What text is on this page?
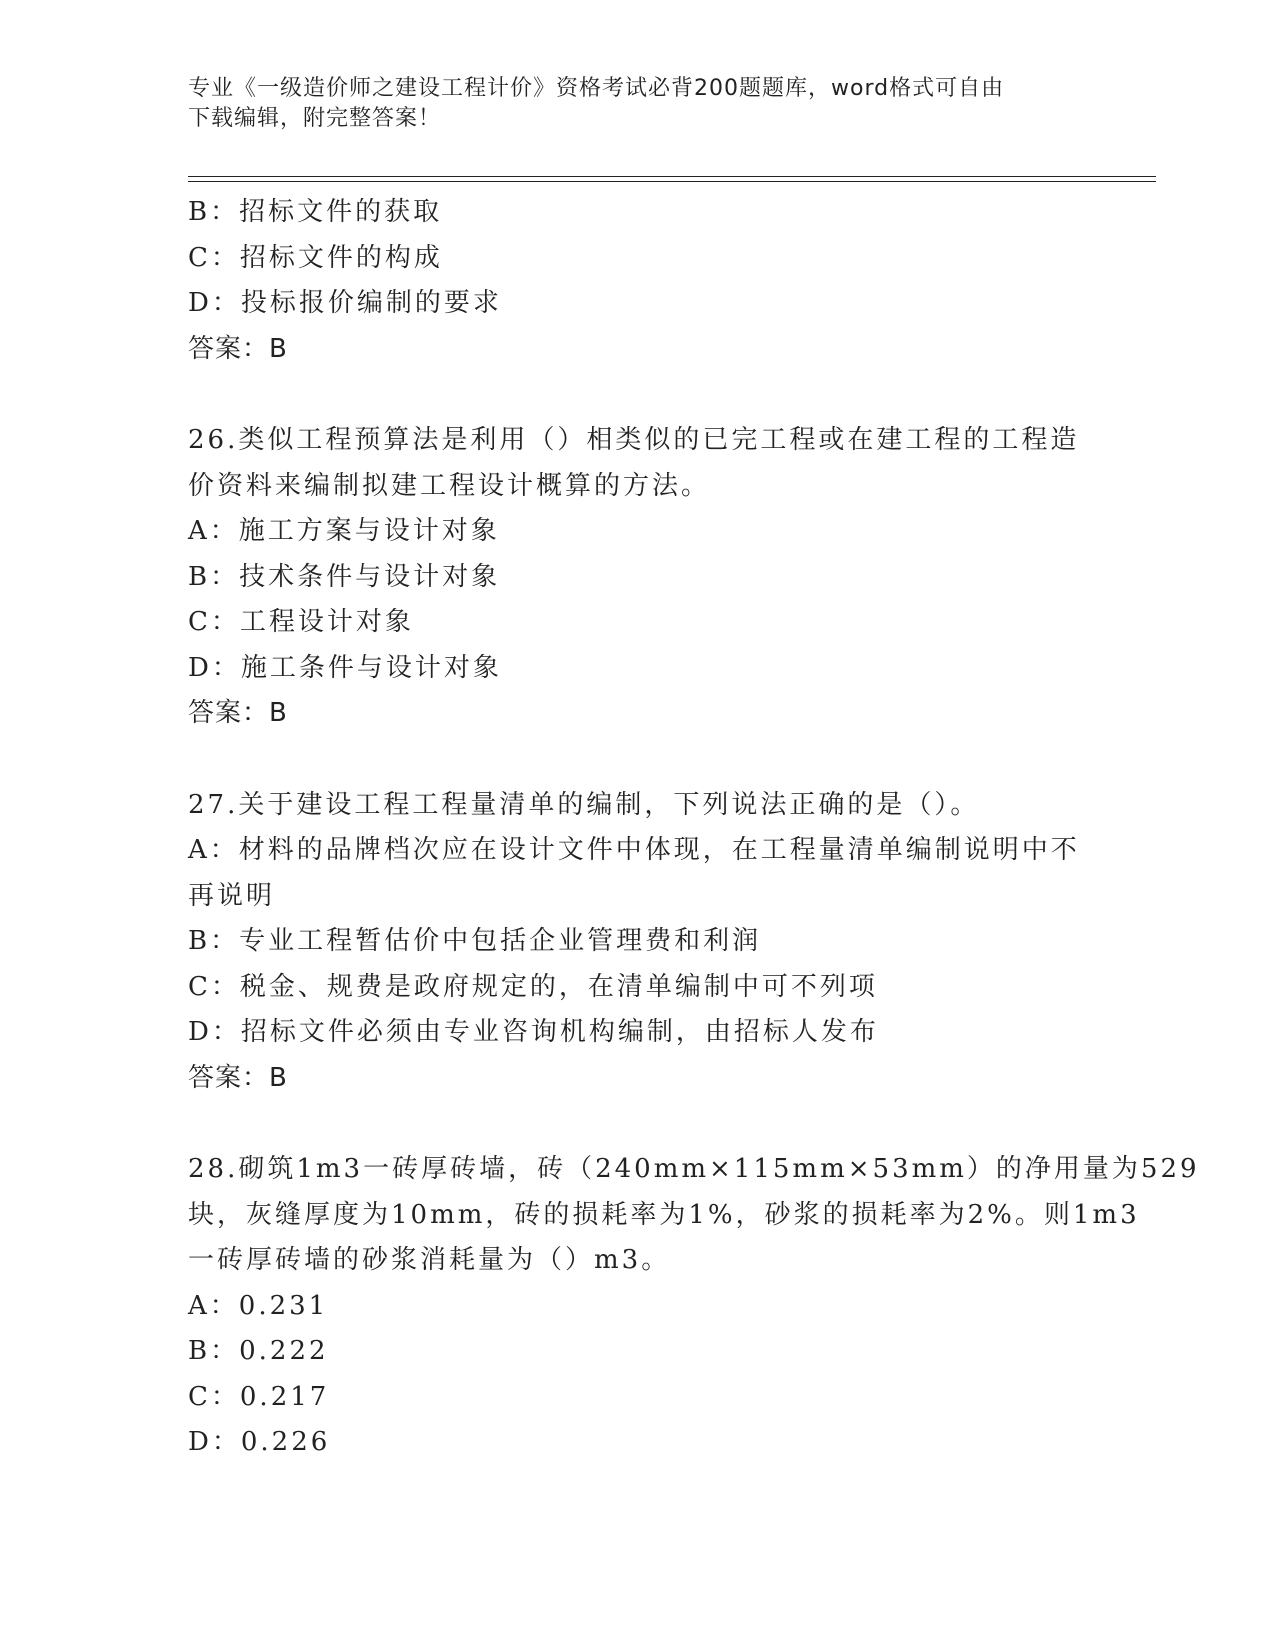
专业《一级造价师之建设工程计价》资格考试必背200题题库，word格式可自由
下载编辑，附完整答案！
B：招标文件的获取
C：招标文件的构成
D：投标报价编制的要求
答案：B
26.类似工程预算法是利用（）相类似的已完工程或在建工程的工程造
价资料来编制拟建工程设计概算的方法。
A：施工方案与设计对象
B：技术条件与设计对象
C：工程设计对象
D：施工条件与设计对象
答案：B
27.关于建设工程工程量清单的编制，下列说法正确的是（）。
A：材料的品牌档次应在设计文件中体现，在工程量清单编制说明中不
再说明
B：专业工程暂估价中包括企业管理费和利润
C：税金、规费是政府规定的，在清单编制中可不列项
D：招标文件必须由专业咨询机构编制，由招标人发布
答案：B
28.砌筑1m3一砖厚砖墙，砖（240mm×115mm×53mm）的净用量为529
块，灰缝厚度为10mm，砖的损耗率为1%，砂浆的损耗率为2%。则1m3
一砖厚砖墙的砂浆消耗量为（）m3。
A：0.231
B：0.222
C：0.217
D：0.226
